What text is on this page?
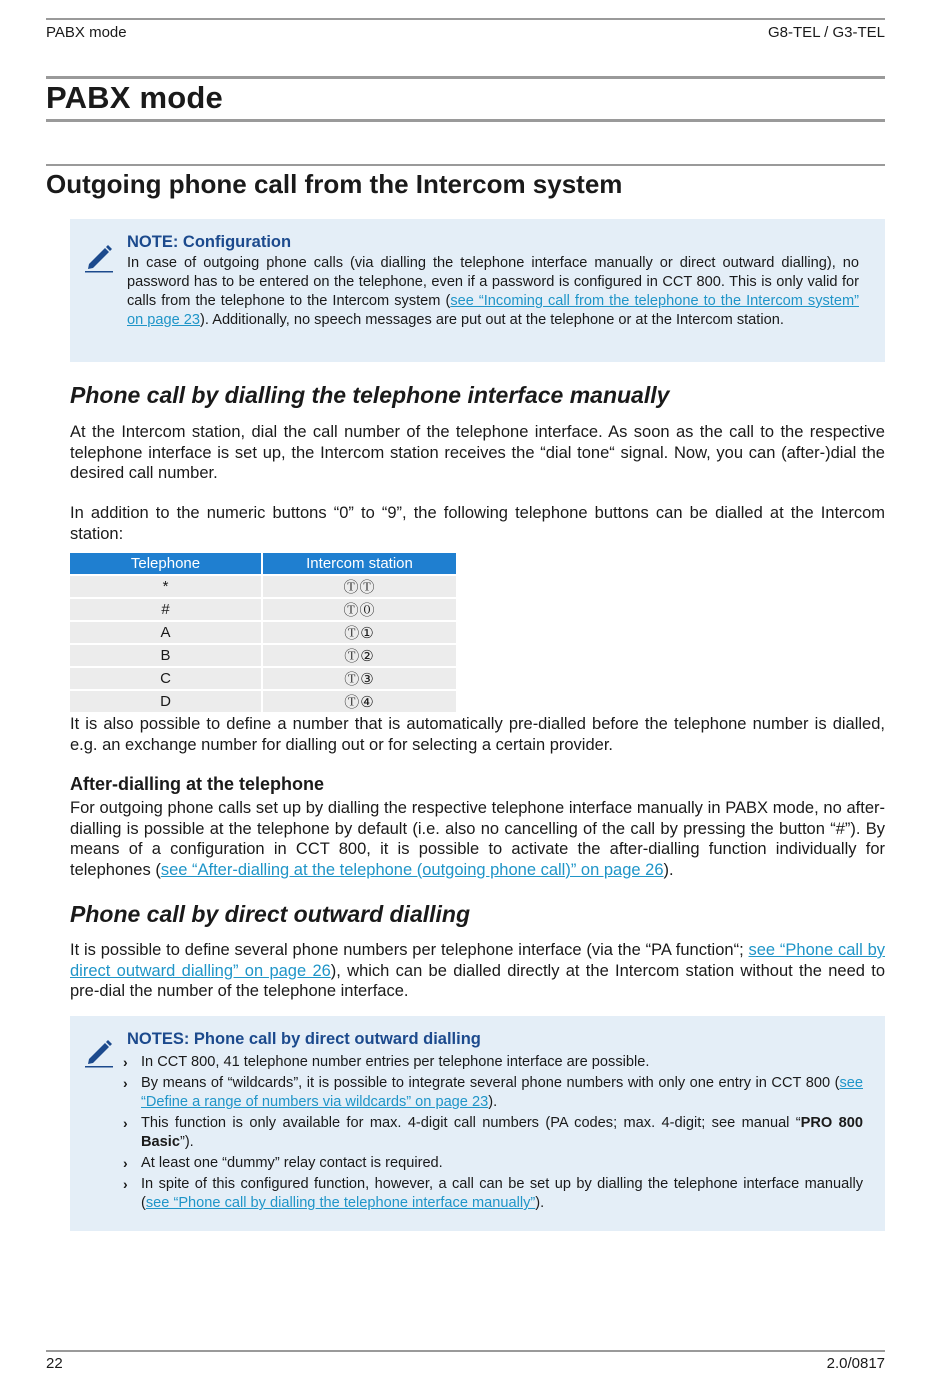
PABX mode	G8-TEL / G3-TEL
PABX mode
Outgoing phone call from the Intercom system
NOTE: Configuration
In case of outgoing phone calls (via dialling the telephone interface manually or direct outward dialling), no password has to be entered on the telephone, even if a password is configured in CCT 800. This is only valid for calls from the telephone to the Intercom system (see “Incoming call from the telephone to the Intercom system” on page 23). Additionally, no speech messages are put out at the telephone or at the Intercom station.
Phone call by dialling the telephone interface manually
At the Intercom station, dial the call number of the telephone interface. As soon as the call to the respective telephone interface is set up, the Intercom station receives the “dial tone“ signal. Now, you can (after-)dial the desired call number.
In addition to the numeric buttons “0” to “9”, the following telephone buttons can be dialled at the Intercom station:
Telephone	Intercom station
*	ⓉⓉ
#	Ⓣ⓪
A	Ⓣ①
B	Ⓣ②
C	Ⓣ③
D	Ⓣ④
It is also possible to define a number that is automatically pre-dialled before the telephone number is dialled, e.g. an exchange number for dialling out or for selecting a certain provider.
After-dialling at the telephone
For outgoing phone calls set up by dialling the respective telephone interface manually in PABX mode, no after-dialling is possible at the telephone by default (i.e. also no cancelling of the call by pressing the button “#”). By means of a configuration in CCT 800, it is possible to activate the after-dialling function individually for telephones (see “After-dialling at the telephone (outgoing phone call)” on page 26).
Phone call by direct outward dialling
It is possible to define several phone numbers per telephone interface (via the “PA function“; see “Phone call by direct outward dialling” on page 26), which can be dialled directly at the Intercom station without the need to pre-dial the number of the telephone interface.
NOTES: Phone call by direct outward dialling
› In CCT 800, 41 telephone number entries per telephone interface are possible.
› By means of “wildcards”, it is possible to integrate several phone numbers with only one entry in CCT 800 (see “Define a range of numbers via wildcards” on page 23).
› This function is only available for max. 4-digit call numbers (PA codes; max. 4-digit; see manual “PRO 800 Basic”).
› At least one “dummy” relay contact is required.
› In spite of this configured function, however, a call can be set up by dialling the telephone interface manually (see “Phone call by dialling the telephone interface manually”).
22	2.0/0817
